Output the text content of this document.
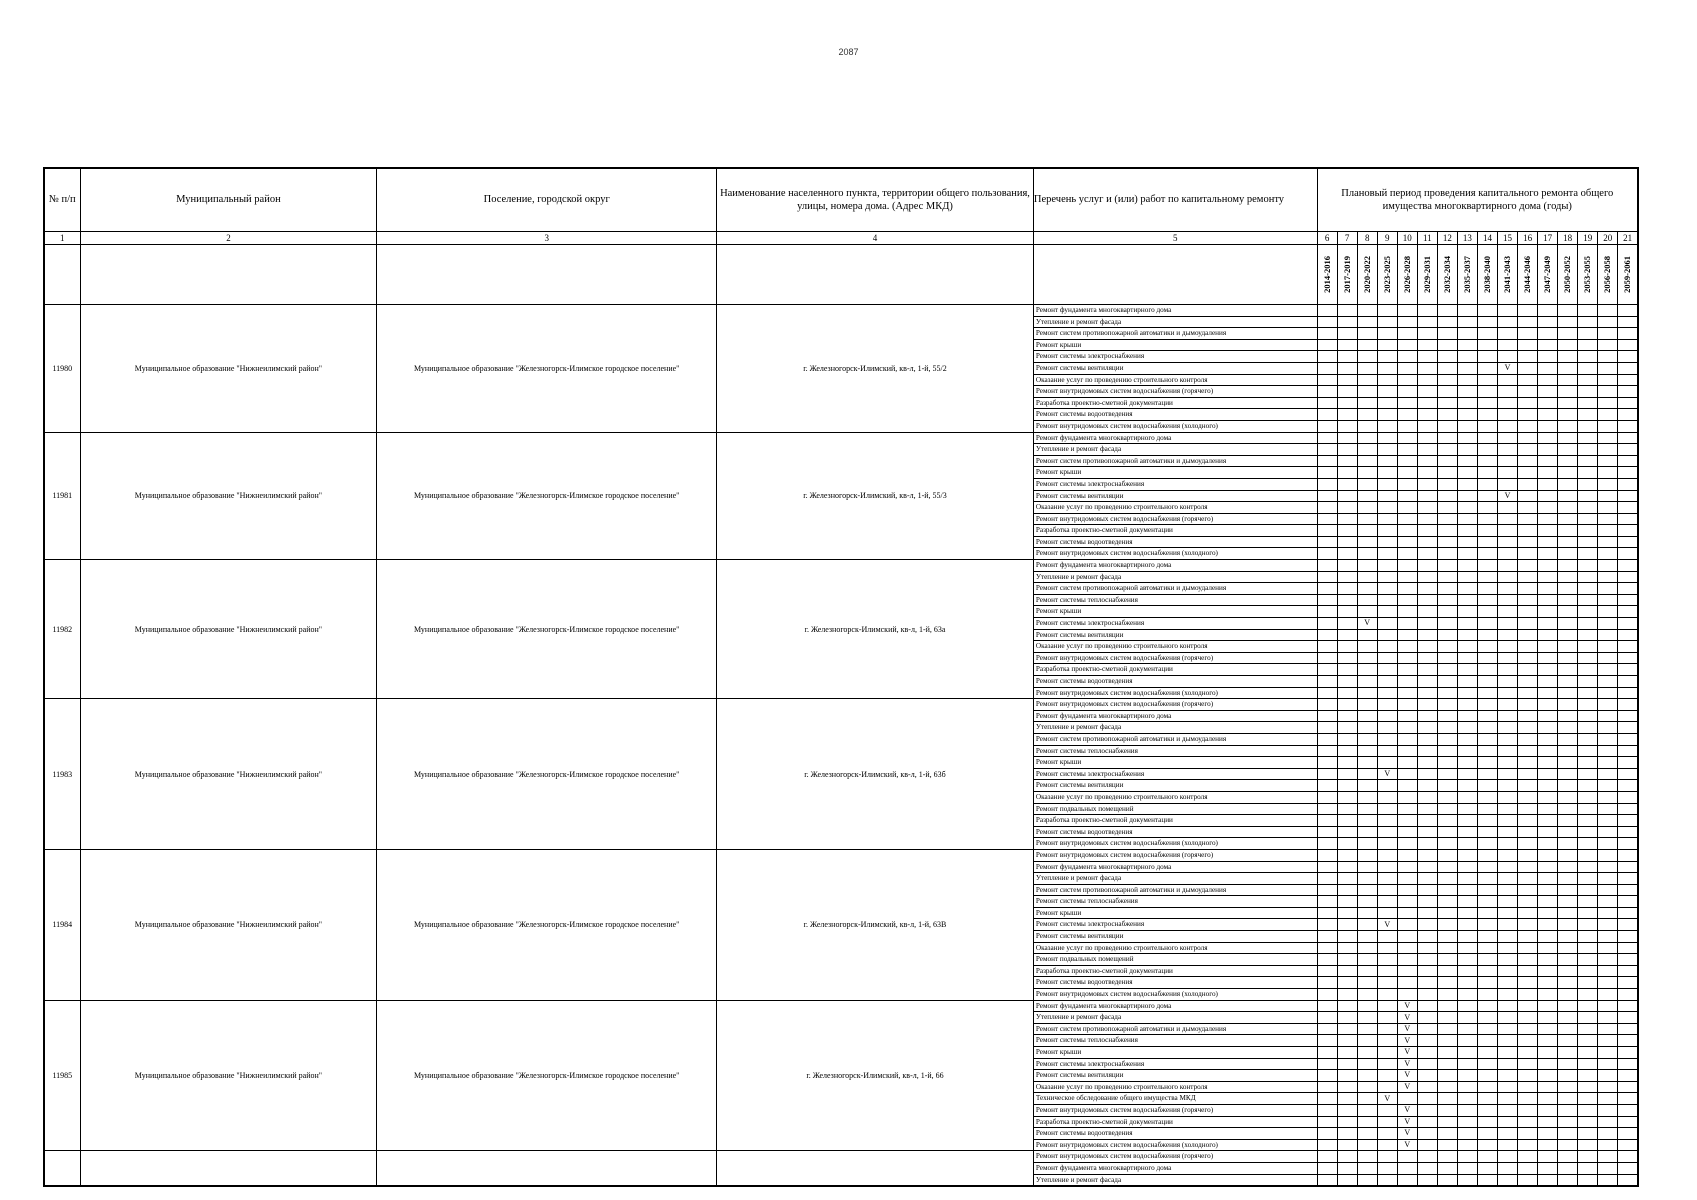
2087
№ п/п	Муниципальный район	Поселение, городской округ	Наименование населенного пункта, территории общего пользования, улицы, номера дома. (Адрес МКД)	Перечень услуг и (или) работ по капитальному ремонту	Плановый период проведения капитального ремонта общего имущества многоквартирного дома (годы)															
1	2	3	4	5	6	7	8	9	10	11	12	13	14	15	16	17	18	19	20	21

					2014-2016	2017-2019	2020-2022	2023-2025	2026-2028	2029-2031	2032-2034	2035-2037	2038-2040	2041-2043	2044-2046	2047-2049	2050-2052	2053-2055	2056-2058	2059-2061

11980	Муниципальное образование "Нижнеилимский район"	Муниципальное образование "Железногорск-Илимское городское поселение"	г. Железногорск-Илимский, кв-л, 1-й, 55/2	Ремонт фундамента многоквартирного дома																
				Утепление и ремонт фасада																
				Ремонт систем противопожарной автоматики и дымоудаления																
				Ремонт крыши																
				Ремонт системы электроснабжения																
				Ремонт системы вентиляции										V						
				Оказание услуг по проведению строительного контроля																
				Ремонт внутридомовых систем водоснабжения (горячего)																
				Разработка проектно-сметной документации																
				Ремонт системы водоотведения																
				Ремонт внутридомовых систем водоснабжения (холодного)																
11981	Муниципальное образование "Нижнеилимский район"	Муниципальное образование "Железногорск-Илимское городское поселение"	г. Железногорск-Илимский, кв-л, 1-й, 55/3	Ремонт фундамента многоквартирного дома																
				Утепление и ремонт фасада																
				Ремонт систем противопожарной автоматики и дымоудаления																
				Ремонт крыши																
				Ремонт системы электроснабжения																
				Ремонт системы вентиляции										V						
				Оказание услуг по проведению строительного контроля																
				Ремонт внутридомовых систем водоснабжения (горячего)																
				Разработка проектно-сметной документации																
				Ремонт системы водоотведения																
				Ремонт внутридомовых систем водоснабжения (холодного)																
11982	Муниципальное образование "Нижнеилимский район"	Муниципальное образование "Железногорск-Илимское городское поселение"	г. Железногорск-Илимский, кв-л, 1-й, 63а	Ремонт фундамента многоквартирного дома																
				Утепление и ремонт фасада																
				Ремонт систем противопожарной автоматики и дымоудаления																
				Ремонт системы теплоснабжения																
				Ремонт крыши																
				Ремонт системы электроснабжения			V													
				Ремонт системы вентиляции																
				Оказание услуг по проведению строительного контроля																
				Ремонт внутридомовых систем водоснабжения (горячего)																
				Разработка проектно-сметной документации																
				Ремонт системы водоотведения																
				Ремонт внутридомовых систем водоснабжения (холодного)																
11983	Муниципальное образование "Нижнеилимский район"	Муниципальное образование "Железногорск-Илимское городское поселение"	г. Железногорск-Илимский, кв-л, 1-й, 63б	Ремонт внутридомовых систем водоснабжения (горячего)																
				Ремонт фундамента многоквартирного дома																
				Утепление и ремонт фасада																
				Ремонт систем противопожарной автоматики и дымоудаления																
				Ремонт системы теплоснабжения																
				Ремонт крыши																
				Ремонт системы электроснабжения				V												
				Ремонт системы вентиляции																
				Оказание услуг по проведению строительного контроля																
				Ремонт подвальных помещений																
				Разработка проектно-сметной документации																
				Ремонт системы водоотведения																
				Ремонт внутридомовых систем водоснабжения (холодного)																
11984	Муниципальное образование "Нижнеилимский район"	Муниципальное образование "Железногорск-Илимское городское поселение"	г. Железногорск-Илимский, кв-л, 1-й, 63В	Ремонт внутридомовых систем водоснабжения (горячего)																
				Ремонт фундамента многоквартирного дома																
				Утепление и ремонт фасада																
				Ремонт систем противопожарной автоматики и дымоудаления																
				Ремонт системы теплоснабжения																
				Ремонт крыши																
				Ремонт системы электроснабжения				V												
				Ремонт системы вентиляции																
				Оказание услуг по проведению строительного контроля																
				Ремонт подвальных помещений																
				Разработка проектно-сметной документации																
				Ремонт системы водоотведения																
				Ремонт внутридомовых систем водоснабжения (холодного)																
11985	Муниципальное образование "Нижнеилимский район"	Муниципальное образование "Железногорск-Илимское городское поселение"	г. Железногорск-Илимский, кв-л, 1-й, 66	Ремонт фундамента многоквартирного дома					V											
				Утепление и ремонт фасада					V											
				Ремонт систем противопожарной автоматики и дымоудаления					V											
				Ремонт системы теплоснабжения					V											
				Ремонт крыши					V											
				Ремонт системы электроснабжения					V											
				Ремонт системы вентиляции					V											
				Оказание услуг по проведению строительного контроля					V											
				Техническое обследование общего имущества МКД				V												
				Ремонт внутридомовых систем водоснабжения (горячего)					V											
				Разработка проектно-сметной документации					V											
				Ремонт системы водоотведения					V											
				Ремонт внутридомовых систем водоснабжения (холодного)					V											
				Ремонт внутридомовых систем водоснабжения (горячего)																
				Ремонт фундамента многоквартирного дома																
				Утепление и ремонт фасада																
